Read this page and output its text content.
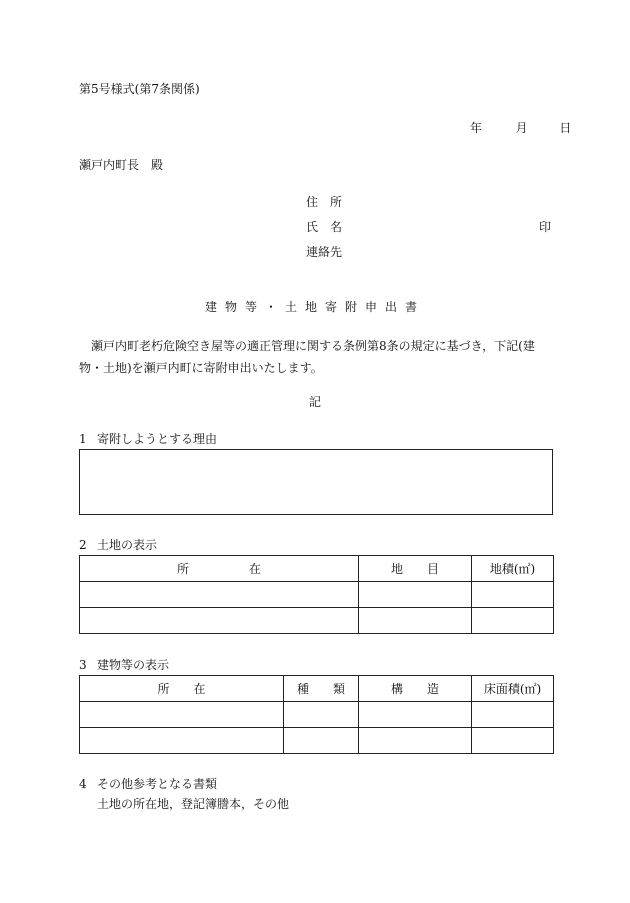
第5号様式(第7条関係)
年	月	日
瀬戸内町長　殿
住　所
氏　名	印
連絡先
建物等・土地寄附申出書
瀬戸内町老朽危険空き屋等の適正管理に関する条例第8条の規定に基づき，下記(建物・土地)を瀬戸内町に寄附申出いたします。
記
1 寄附しようとする理由
2 土地の表示
所　　　　　在	地　　目	地積(㎡)

3 建物等の表示
所　　在	種　　類	構　　造	床面積(㎡)

4 その他参考となる書類
土地の所在地，登記簿謄本，その他
